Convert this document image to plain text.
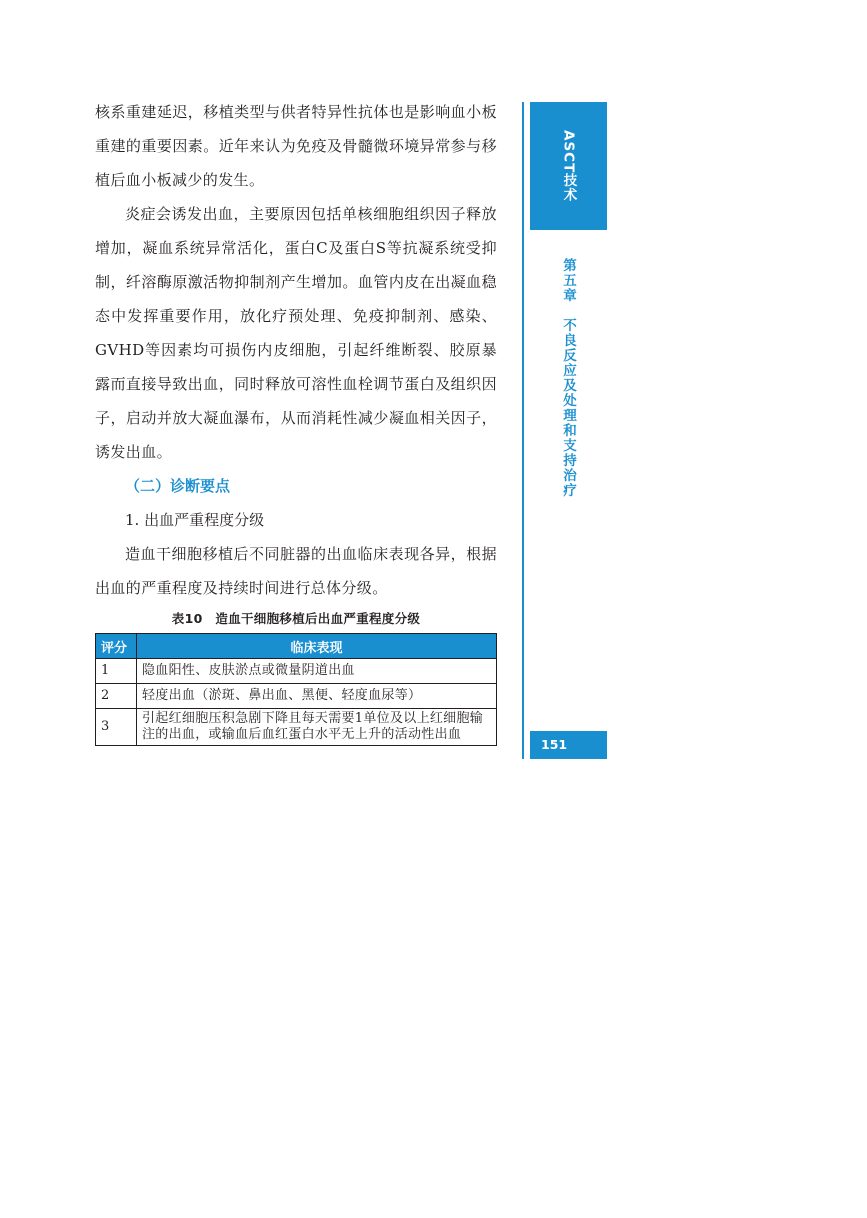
核系重建延迟，移植类型与供者特异性抗体也是影响血小板重建的重要因素。近年来认为免疫及骨髓微环境异常参与移植后血小板减少的发生。

炎症会诱发出血，主要原因包括单核细胞组织因子释放增加，凝血系统异常活化，蛋白C及蛋白S等抗凝系统受抑制，纤溶酶原激活物抑制剂产生增加。血管内皮在出凝血稳态中发挥重要作用，放化疗预处理、免疫抑制剂、感染、GVHD等因素均可损伤内皮细胞，引起纤维断裂、胶原暴露而直接导致出血，同时释放可溶性血栓调节蛋白及组织因子，启动并放大凝血瀑布，从而消耗性减少凝血相关因子，诱发出血。

（二）诊断要点

1. 出血严重程度分级

造血干细胞移植后不同脏器的出血临床表现各异，根据出血的严重程度及持续时间进行总体分级。

表10　造血干细胞移植后出血严重程度分级
评分	临床表现
1	隐血阳性、皮肤淤点或微量阴道出血
2	轻度出血（淤斑、鼻出血、黑便、轻度血尿等）
3	引起红细胞压积急剧下降且每天需要1单位及以上红细胞输注的出血，或输血后血红蛋白水平无上升的活动性出血
ASCT技术
第五章　不良反应及处理和支持治疗
151
